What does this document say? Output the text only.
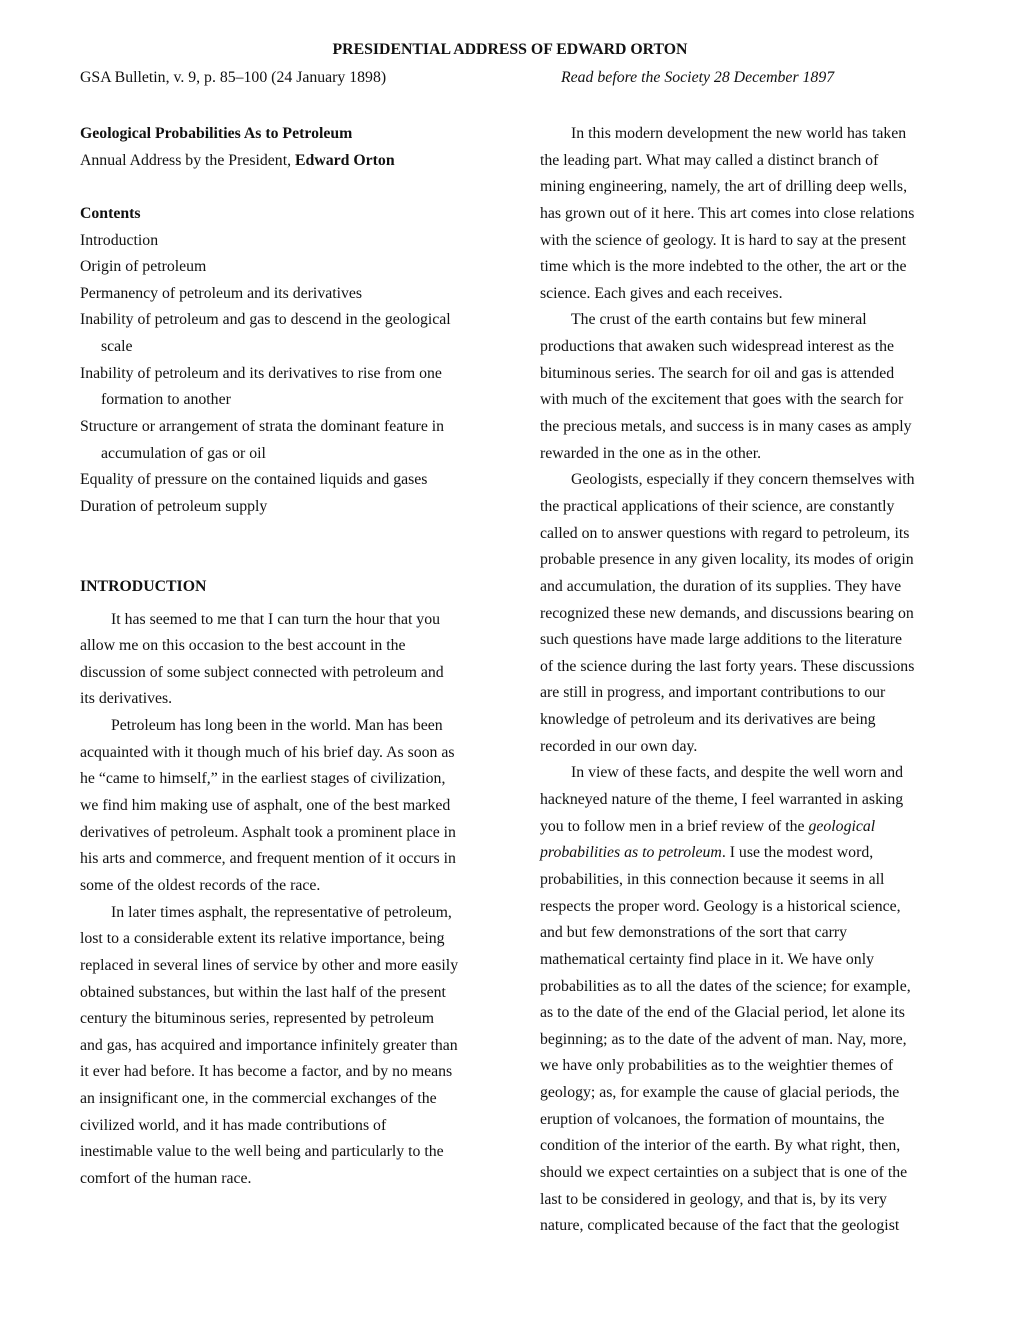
PRESIDENTIAL ADDRESS OF EDWARD ORTON
GSA Bulletin, v. 9, p. 85–100 (24 January 1898)	Read before the Society 28 December 1897
Geological Probabilities As to Petroleum
Annual Address by the President, Edward Orton
Contents
Introduction
Origin of petroleum
Permanency of petroleum and its derivatives
Inability of petroleum and gas to descend in the geological
scale
Inability of petroleum and its derivatives to rise from one
formation to another
Structure or arrangement of strata the dominant feature in
accumulation of gas or oil
Equality of pressure on the contained liquids and gases
Duration of petroleum supply
INTRODUCTION
It has seemed to me that I can turn the hour that you
allow me on this occasion to the best account in the
discussion of some subject connected with petroleum and
its derivatives.
Petroleum has long been in the world. Man has been
acquainted with it though much of his brief day. As soon as
he “came to himself,” in the earliest stages of civilization,
we find him making use of asphalt, one of the best marked
derivatives of petroleum. Asphalt took a prominent place in
his arts and commerce, and frequent mention of it occurs in
some of the oldest records of the race.
In later times asphalt, the representative of petroleum,
lost to a considerable extent its relative importance, being
replaced in several lines of service by other and more easily
obtained substances, but within the last half of the present
century the bituminous series, represented by petroleum
and gas, has acquired and importance infinitely greater than
it ever had before. It has become a factor, and by no means
an insignificant one, in the commercial exchanges of the
civilized world, and it has made contributions of
inestimable value to the well being and particularly to the
comfort of the human race.
In this modern development the new world has taken
the leading part. What may called a distinct branch of
mining engineering, namely, the art of drilling deep wells,
has grown out of it here. This art comes into close relations
with the science of geology. It is hard to say at the present
time which is the more indebted to the other, the art or the
science. Each gives and each receives.
The crust of the earth contains but few mineral
productions that awaken such widespread interest as the
bituminous series. The search for oil and gas is attended
with much of the excitement that goes with the search for
the precious metals, and success is in many cases as amply
rewarded in the one as in the other.
Geologists, especially if they concern themselves with
the practical applications of their science, are constantly
called on to answer questions with regard to petroleum, its
probable presence in any given locality, its modes of origin
and accumulation, the duration of its supplies. They have
recognized these new demands, and discussions bearing on
such questions have made large additions to the literature
of the science during the last forty years. These discussions
are still in progress, and important contributions to our
knowledge of petroleum and its derivatives are being
recorded in our own day.
In view of these facts, and despite the well worn and
hackneyed nature of the theme, I feel warranted in asking
you to follow men in a brief review of the geological
probabilities as to petroleum. I use the modest word,
probabilities, in this connection because it seems in all
respects the proper word. Geology is a historical science,
and but few demonstrations of the sort that carry
mathematical certainty find place in it. We have only
probabilities as to all the dates of the science; for example,
as to the date of the end of the Glacial period, let alone its
beginning; as to the date of the advent of man. Nay, more,
we have only probabilities as to the weightier themes of
geology; as, for example the cause of glacial periods, the
eruption of volcanoes, the formation of mountains, the
condition of the interior of the earth. By what right, then,
should we expect certainties on a subject that is one of the
last to be considered in geology, and that is, by its very
nature, complicated because of the fact that the geologist
